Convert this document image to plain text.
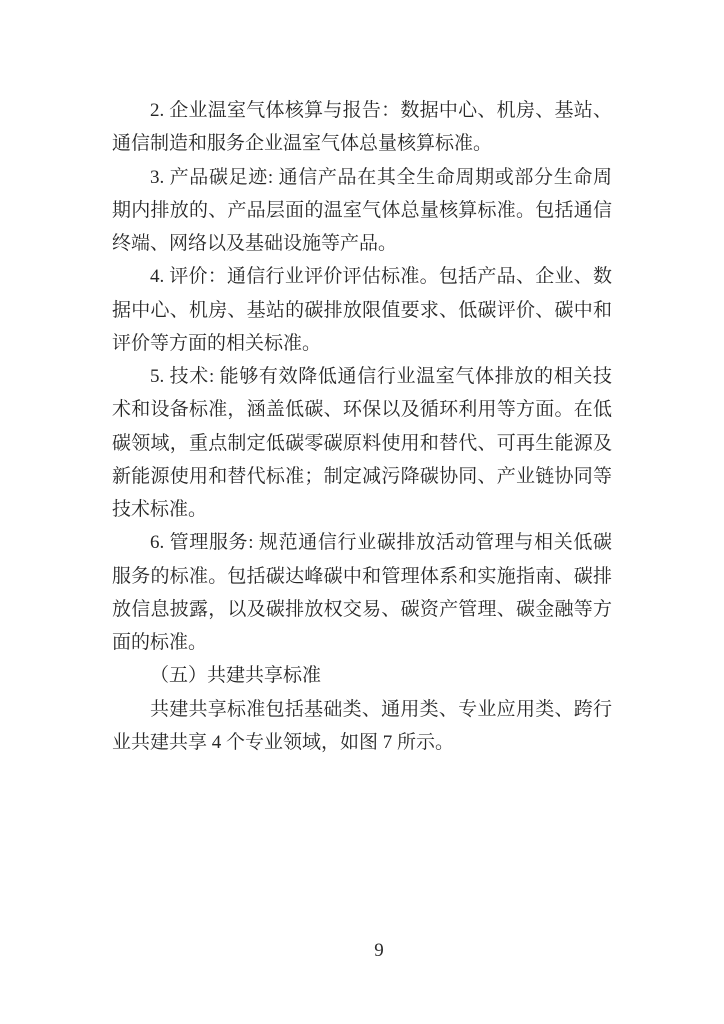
2. 企业温室气体核算与报告：数据中心、机房、基站、通信制造和服务企业温室气体总量核算标准。

3. 产品碳足迹: 通信产品在其全生命周期或部分生命周期内排放的、产品层面的温室气体总量核算标准。包括通信终端、网络以及基础设施等产品。

4. 评价：通信行业评价评估标准。包括产品、企业、数据中心、机房、基站的碳排放限值要求、低碳评价、碳中和评价等方面的相关标准。

5. 技术: 能够有效降低通信行业温室气体排放的相关技术和设备标准，涵盖低碳、环保以及循环利用等方面。在低碳领域，重点制定低碳零碳原料使用和替代、可再生能源及新能源使用和替代标准；制定减污降碳协同、产业链协同等技术标准。

6. 管理服务: 规范通信行业碳排放活动管理与相关低碳服务的标准。包括碳达峰碳中和管理体系和实施指南、碳排放信息披露，以及碳排放权交易、碳资产管理、碳金融等方面的标准。

（五）共建共享标准

共建共享标准包括基础类、通用类、专业应用类、跨行业共建共享 4 个专业领域，如图 7 所示。

9
